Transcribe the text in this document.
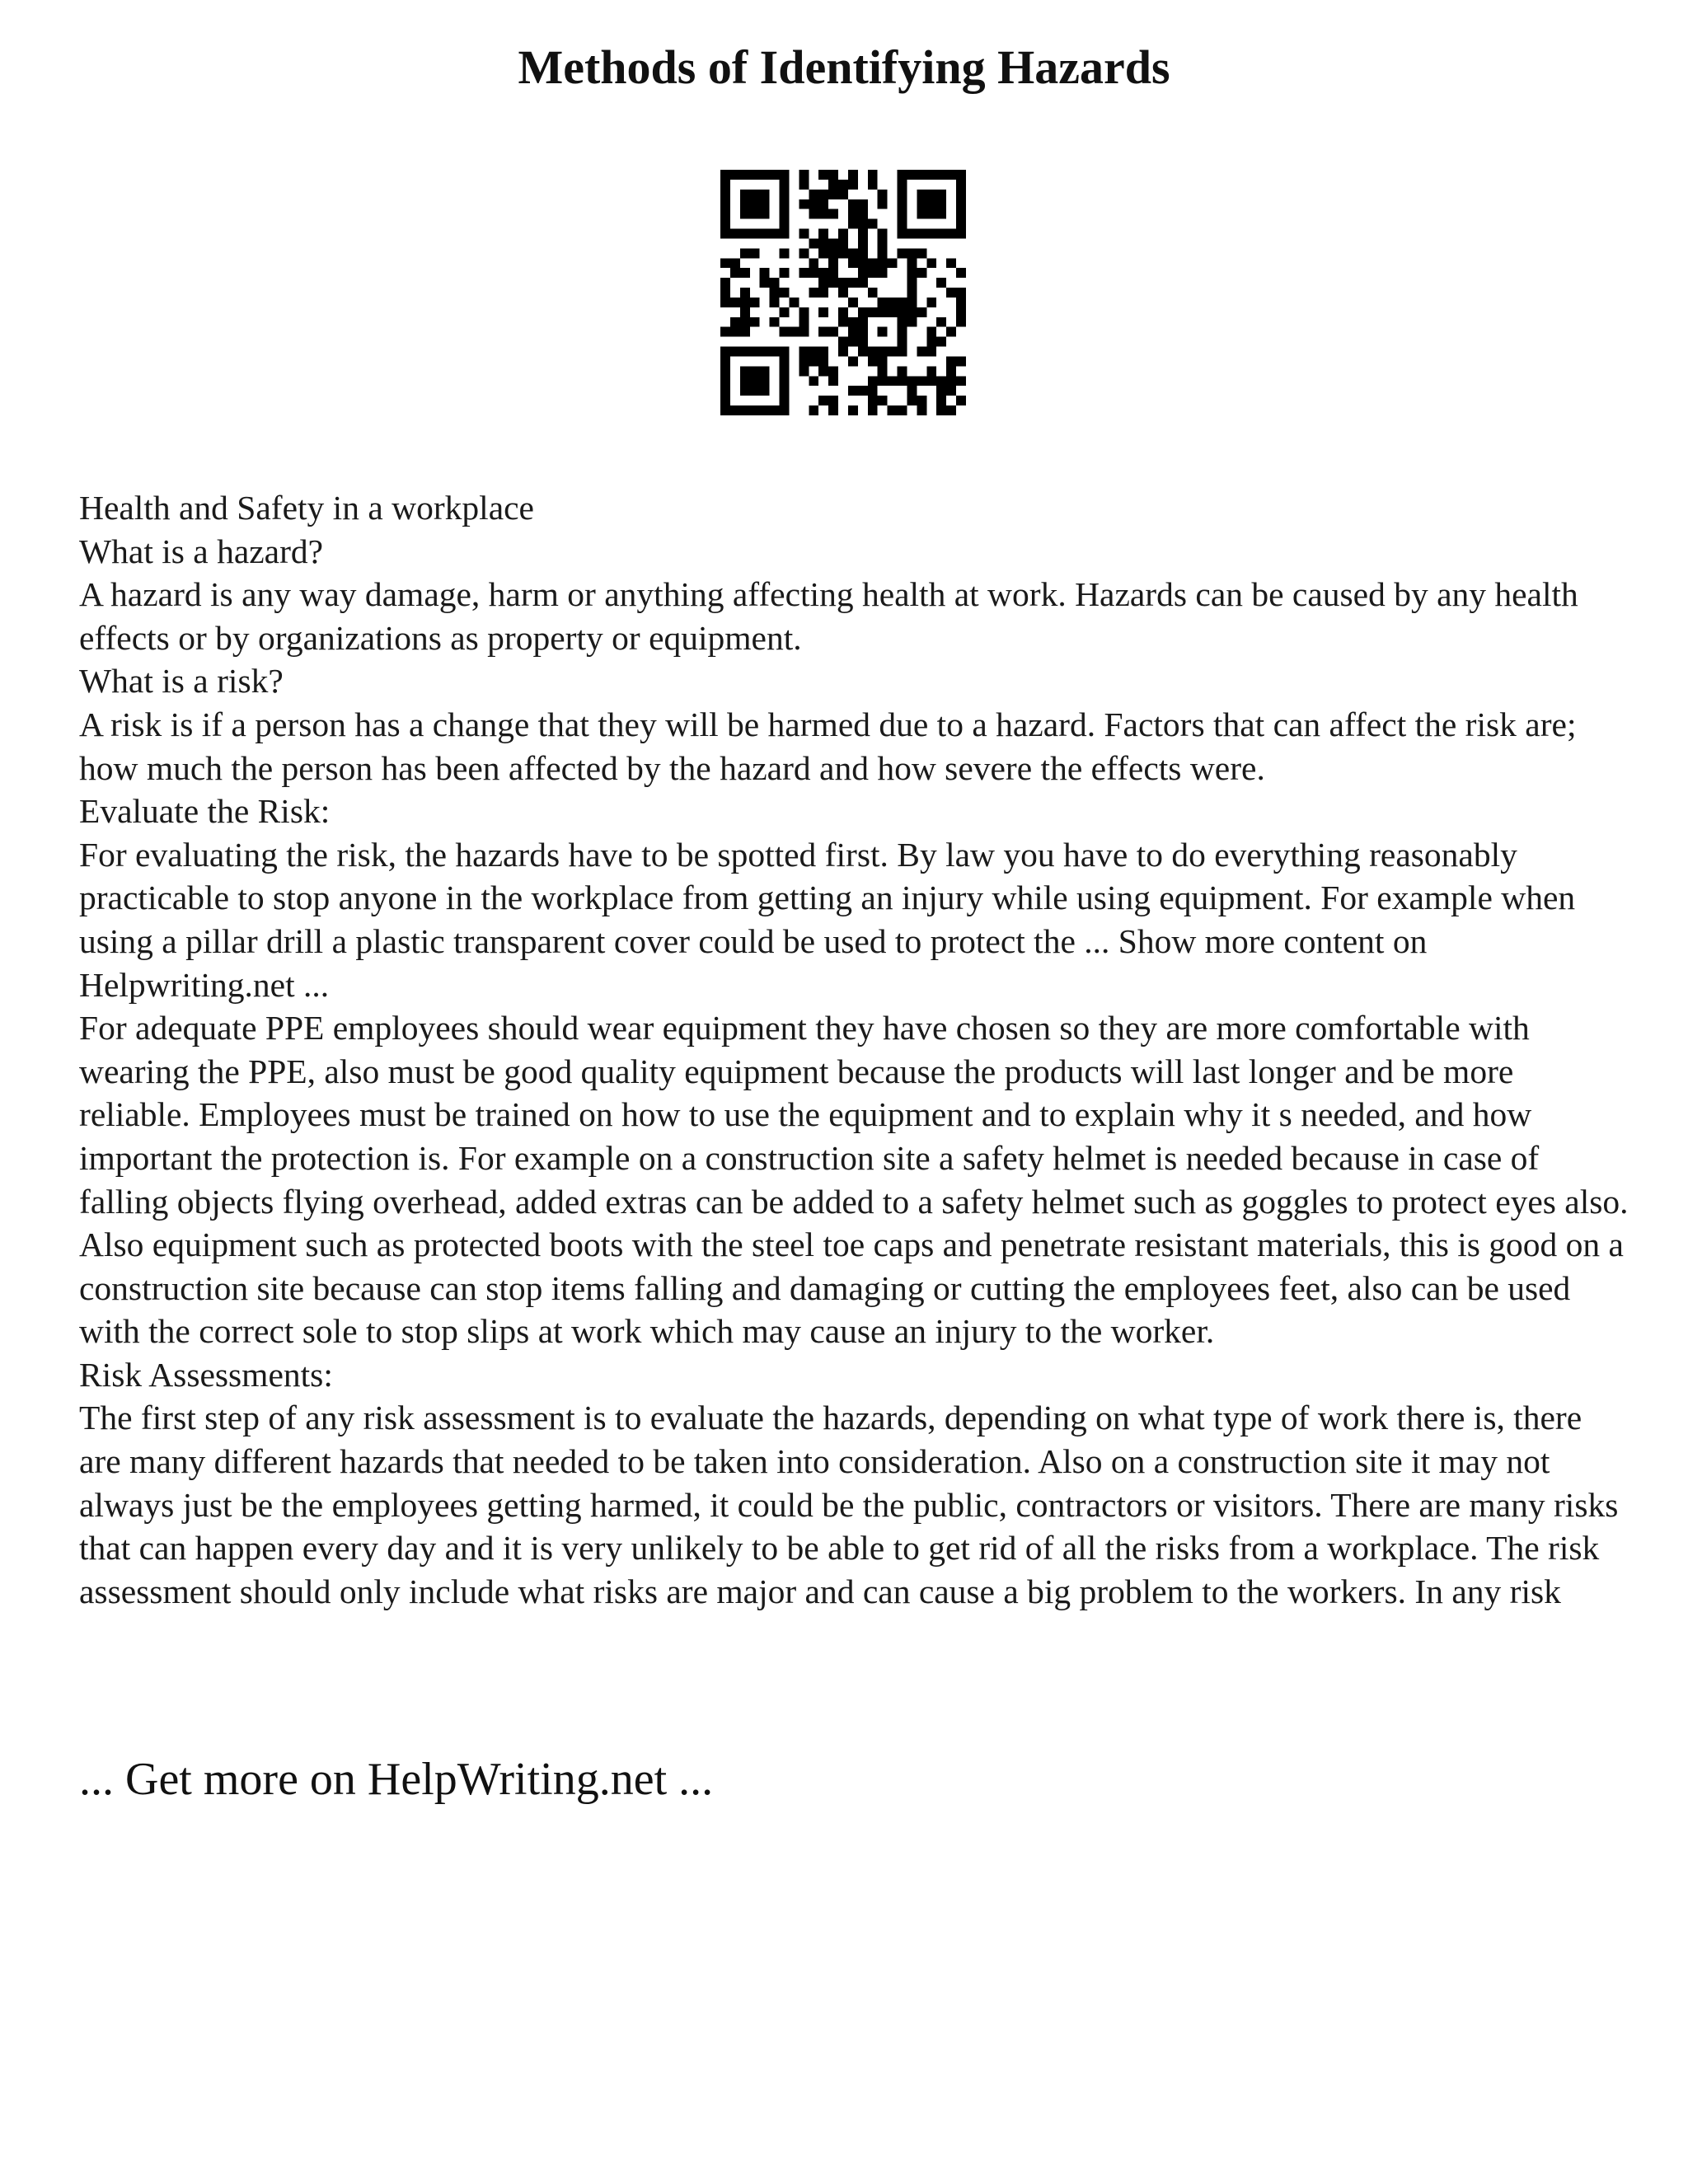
Methods of Identifying Hazards

Health and Safety in a workplace

What is a hazard?

A hazard is any way damage, harm or anything affecting health at work. Hazards can be caused by any health effects or by organizations as property or equipment.

What is a risk?

A risk is if a person has a change that they will be harmed due to a hazard. Factors that can affect the risk are; how much the person has been affected by the hazard and how severe the effects were.

Evaluate the Risk:

For evaluating the risk, the hazards have to be spotted first. By law you have to do everything reasonably practicable to stop anyone in the workplace from getting an injury while using equipment. For example when using a pillar drill a plastic transparent cover could be used to protect the ... Show more content on Helpwriting.net ...

For adequate PPE employees should wear equipment they have chosen so they are more comfortable with wearing the PPE, also must be good quality equipment because the products will last longer and be more reliable. Employees must be trained on how to use the equipment and to explain why it s needed, and how important the protection is. For example on a construction site a safety helmet is needed because in case of falling objects flying overhead, added extras can be added to a safety helmet such as goggles to protect eyes also. Also equipment such as protected boots with the steel toe caps and penetrate resistant materials, this is good on a construction site because can stop items falling and damaging or cutting the employees feet, also can be used with the correct sole to stop slips at work which may cause an injury to the worker.

Risk Assessments:

The first step of any risk assessment is to evaluate the hazards, depending on what type of work there is, there are many different hazards that needed to be taken into consideration. Also on a construction site it may not always just be the employees getting harmed, it could be the public, contractors or visitors. There are many risks that can happen every day and it is very unlikely to be able to get rid of all the risks from a workplace. The risk assessment should only include what risks are major and can cause a big problem to the workers. In any risk

... Get more on HelpWriting.net ...
